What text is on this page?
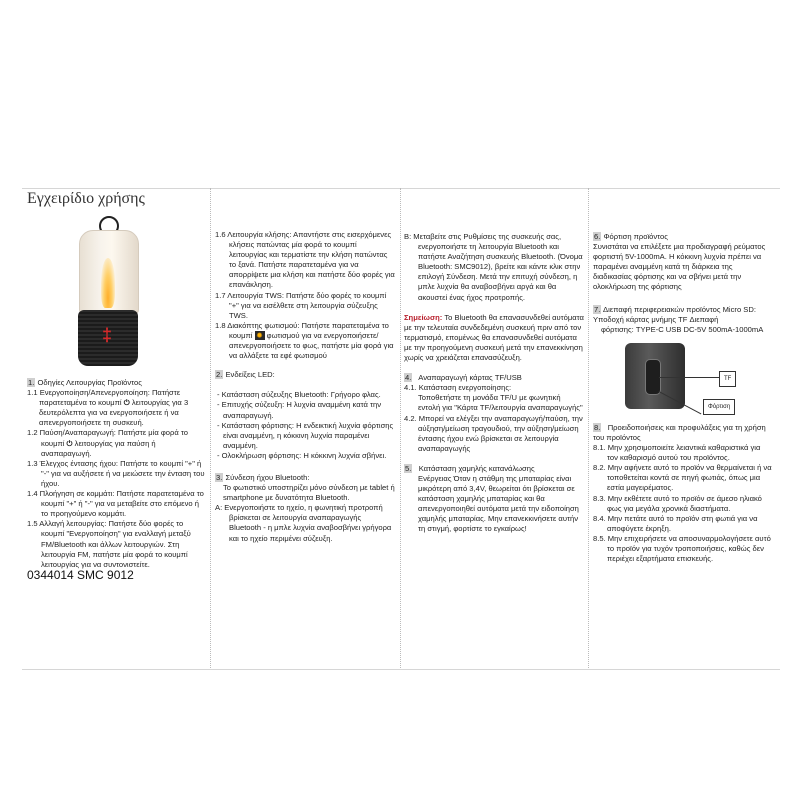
Εγχειρίδιο χρήσης

‡

1. Οδηγίες Λειτουργίας Προϊόντος

1.1 Ενεργοποίηση/Απενεργοποίηση: Πατήστε

παρατεταμένα το κουμπί ⏻ λειτουργίας για 3 δευτερόλεπτα για να ενεργοποιήσετε ή να απενεργοποιήσετε τη συσκευή.

1.2 Παύση/Αναπαραγωγή: Πατήστε μία φορά το κουμπί ⏻ λειτουργίας για παύση ή αναπαραγωγή.

1.3 Έλεγχος έντασης ήχου: Πατήστε το κουμπί "+" ή "-" για να αυξήσετε ή να μειώσετε την ένταση του ήχου.

1.4 Πλοήγηση σε κομμάτι: Πατήστε παρατεταμένα το κουμπί "+" ή "-" για να μεταβείτε στο επόμενο ή το προηγούμενο κομμάτι.

1.5 Αλλαγή λειτουργίας: Πατήστε δύο φορές το κουμπί "Ενεργοποίηση" για εναλλαγή μεταξύ FM/Bluetooth και άλλων λειτουργιών. Στη λειτουργία FM, πατήστε μία φορά το κουμπί λειτουργίας για να συντονιστείτε.

0344014 SMC 9012

1.6 Λειτουργία κλήσης: Απαντήστε στις εισερχόμενες κλήσεις πατώντας μία φορά το κουμπί λειτουργίας και τερματίστε την κλήση πατώντας το ξανά. Πατήστε παρατεταμένα για να απορρίψετε μια κλήση και πατήστε δύο φορές για επανάκληση.

1.7 Λειτουργία TWS: Πατήστε δύο φορές το κουμπί "+" για να εισέλθετε στη λειτουργία σύζευξης TWS.

1.8 Διακόπτης φωτισμού: Πατήστε παρατεταμένα το κουμπί ✹ φωτισμού για να ενεργοποιήσετε/απενεργοποιήσετε το φως, πατήστε μία φορά για να αλλάξετε τα εφέ φωτισμού

2. Ενδείξεις LED:

- Κατάσταση σύζευξης Bluetooth: Γρήγορο φλας.

- Επιτυχής σύζευξη: Η λυχνία αναμμένη κατά την αναπαραγωγή.

- Κατάσταση φόρτισης: Η ενδεικτική λυχνία φόρτισης είναι αναμμένη, η κόκκινη λυχνία παραμένει αναμμένη.

- Ολοκλήρωση φόρτισης: Η κόκκινη λυχνία σβήνει.

3. Σύνδεση ήχου Bluetooth:

Το φωτιστικό υποστηρίζει μόνο σύνδεση με tablet ή smartphone με δυνατότητα Bluetooth.

A: Ενεργοποιήστε το ηχείο, η φωνητική προτροπή βρίσκεται σε λειτουργία αναπαραγωγής Bluetooth - η μπλε λυχνία αναβοσβήνει γρήγορα και το ηχείο περιμένει σύζευξη.

B: Μεταβείτε στις Ρυθμίσεις της συσκευής σας, ενεργοποιήστε τη λειτουργία Bluetooth και πατήστε Αναζήτηση συσκευής Bluetooth. (Όνομα Bluetooth: SMC9012), βρείτε και κάντε κλικ στην επιλογή Σύνδεση. Μετά την επιτυχή σύνδεση, η μπλε λυχνία θα αναβοσβήνει αργά και θα ακουστεί ένας ήχος προτροπής.

Σημείωση: Το Bluetooth θα επανασυνδεθεί αυτόματα με την τελευταία συνδεδεμένη συσκευή πριν από τον τερματισμό, επομένως θα επανασυνδεθεί αυτόματα με την προηγούμενη συσκευή μετά την επανεκκίνηση χωρίς να χρειάζεται επανασύζευξη.

4. Αναπαραγωγή κάρτας TF/USB

4.1. Κατάσταση ενεργοποίησης:

Τοποθετήστε τη μονάδα TF/U με φωνητική εντολή για "Κάρτα TF/λειτουργία αναπαραγωγής"

4.2. Μπορεί να ελέγξει την αναπαραγωγή/παύση, την αύξηση/μείωση τραγουδιού, την αύξηση/μείωση έντασης ήχου ενώ βρίσκεται σε λειτουργία αναπαραγωγής

5. Κατάσταση χαμηλής κατανάλωσης

Ενέργειας Όταν η στάθμη της μπαταρίας είναι μικρότερη από 3,4V, θεωρείται ότι βρίσκεται σε κατάσταση χαμηλής μπαταρίας και θα απενεργοποιηθεί αυτόματα μετά την ειδοποίηση χαμηλής μπαταρίας. Μην επανεκκινήσετε αυτήν τη στιγμή, φορτίστε το εγκαίρως!

6. Φόρτιση προϊόντος

Συνιστάται να επιλέξετε μια προδιαγραφή ρεύματος φορτιστή 5V-1000mA. Η κόκκινη λυχνία πρέπει να παραμένει αναμμένη κατά τη διάρκεια της διαδικασίας φόρτισης και να σβήνει μετά την ολοκλήρωση της φόρτισης

7. Διεπαφή περιφερειακών προϊόντος Micro SD:

Υποδοχή κάρτας μνήμης TF Διεπαφή

φόρτισης: TYPE-C USB DC-5V 500mA-1000mA

TF
Φόρτιση

8. Προειδοποιήσεις και προφυλάξεις για τη χρήση του προϊόντος

8.1. Μην χρησιμοποιείτε λειαντικά καθαριστικά για τον καθαρισμό αυτού του προϊόντος.

8.2. Μην αφήνετε αυτό το προϊόν να θερμαίνεται ή να τοποθετείται κοντά σε πηγή φωτιάς, όπως μια εστία μαγειρέματος.

8.3. Μην εκθέτετε αυτό το προϊόν σε άμεσο ηλιακό φως για μεγάλα χρονικά διαστήματα.

8.4. Μην πετάτε αυτό το προϊόν στη φωτιά για να αποφύγετε έκρηξη.

8.5. Μην επιχειρήσετε να αποσυναρμολογήσετε αυτό το προϊόν για τυχόν τροποποιήσεις, καθώς δεν περιέχει εξαρτήματα επισκευής.
